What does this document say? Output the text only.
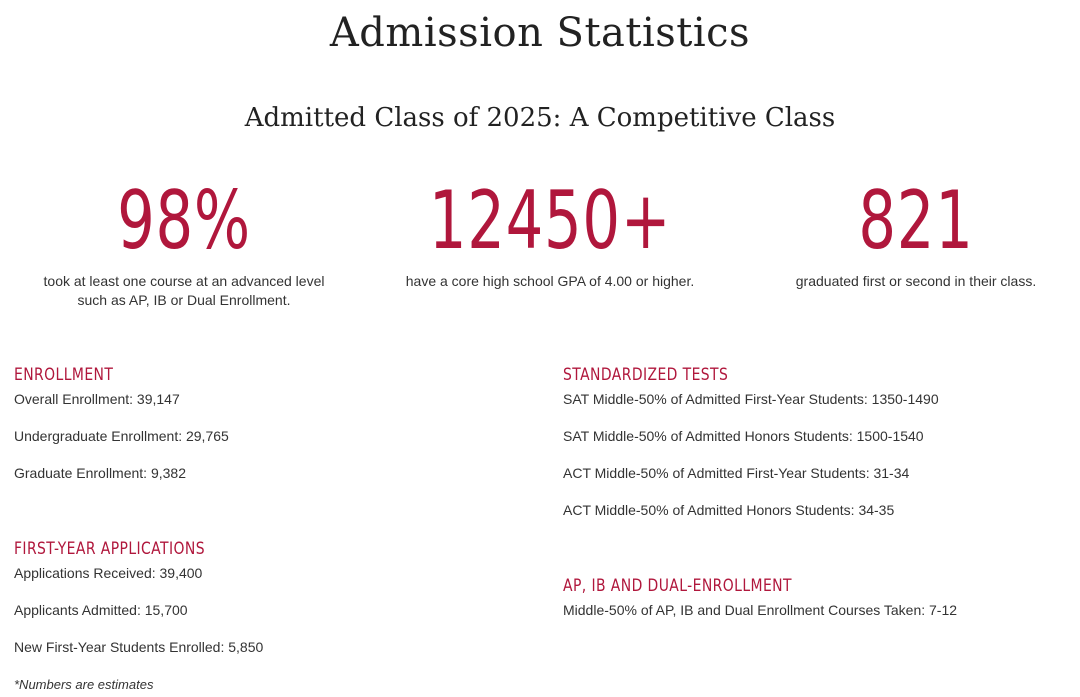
Admission Statistics
Admitted Class of 2025: A Competitive Class
98%
took at least one course at an advanced level such as AP, IB or Dual Enrollment.
12450+
have a core high school GPA of 4.00 or higher.
821
graduated first or second in their class.
ENROLLMENT
Overall Enrollment: 39,147
Undergraduate Enrollment: 29,765
Graduate Enrollment: 9,382
FIRST-YEAR APPLICATIONS
Applications Received: 39,400
Applicants Admitted: 15,700
New First-Year Students Enrolled: 5,850
STANDARDIZED TESTS
SAT Middle-50% of Admitted First-Year Students: 1350-1490
SAT Middle-50% of Admitted Honors Students: 1500-1540
ACT Middle-50% of Admitted First-Year Students: 31-34
ACT Middle-50% of Admitted Honors Students: 34-35
AP, IB AND DUAL-ENROLLMENT
Middle-50% of AP, IB and Dual Enrollment Courses Taken: 7-12
*Numbers are estimates
